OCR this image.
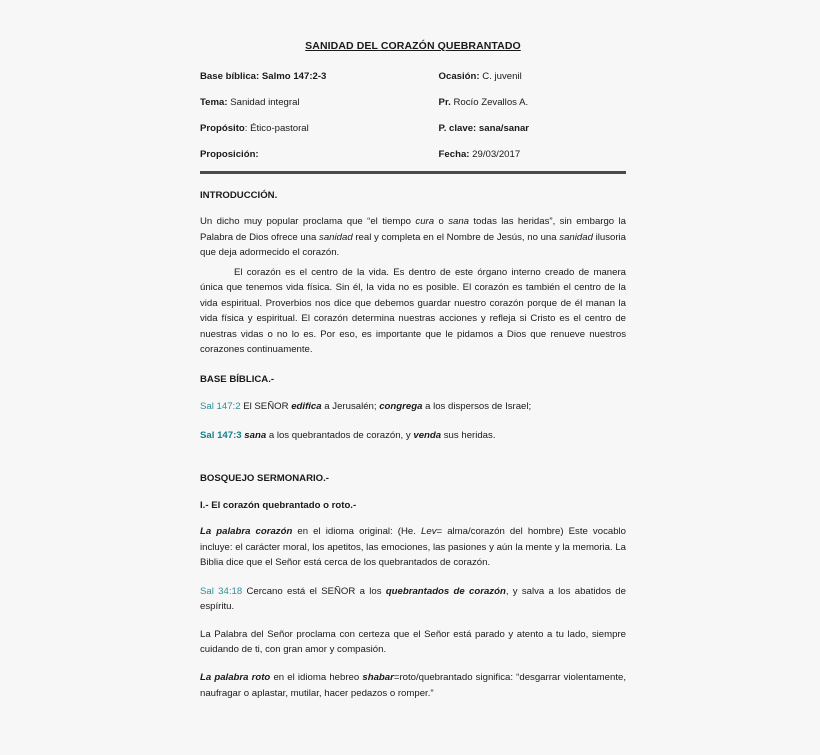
SANIDAD DEL CORAZÓN QUEBRANTADO
Base bíblica: Salmo 147:2-3	Ocasión: C. juvenil
Tema: Sanidad integral	Pr. Rocío Zevallos A.
Propósito: Ético-pastoral	P. clave: sana/sanar
Proposición:	Fecha: 29/03/2017
INTRODUCCIÓN.

Un dicho muy popular proclama que “el tiempo cura o sana todas las heridas”, sin embargo la Palabra de Dios ofrece una sanidad real y completa en el Nombre de Jesús, no una sanidad ilusoria que deja adormecido el corazón.

El corazón es el centro de la vida. Es dentro de este órgano interno creado de manera única que tenemos vida física. Sin él, la vida no es posible. El corazón es también el centro de la vida espiritual. Proverbios nos dice que debemos guardar nuestro corazón porque de él manan la vida física y espiritual. El corazón determina nuestras acciones y refleja si Cristo es el centro de nuestras vidas o no lo es. Por eso, es importante que le pidamos a Dios que renueve nuestros corazones continuamente.

BASE BÍBLICA.-

Sal 147:2 El SEÑOR edifica a Jerusalén; congrega a los dispersos de Israel;

Sal 147:3 sana a los quebrantados de corazón, y venda sus heridas.

BOSQUEJO SERMONARIO.-
I.- El corazón quebrantado o roto.-

La palabra corazón en el idioma original: (He. Lev= alma/corazón del hombre) Este vocablo incluye: el carácter moral, los apetitos, las emociones, las pasiones y aún la mente y la memoria. La Biblia dice que el Señor está cerca de los quebrantados de corazón.

Sal 34:18 Cercano está el SEÑOR a los quebrantados de corazón, y salva a los abatidos de espíritu.

La Palabra del Señor proclama con certeza que el Señor está parado y atento a tu lado, siempre cuidando de ti, con gran amor y compasión.

La palabra roto en el idioma hebreo shabar=roto/quebrantado significa: “desgarrar violentamente, naufragar o aplastar, mutilar, hacer pedazos o romper.”
